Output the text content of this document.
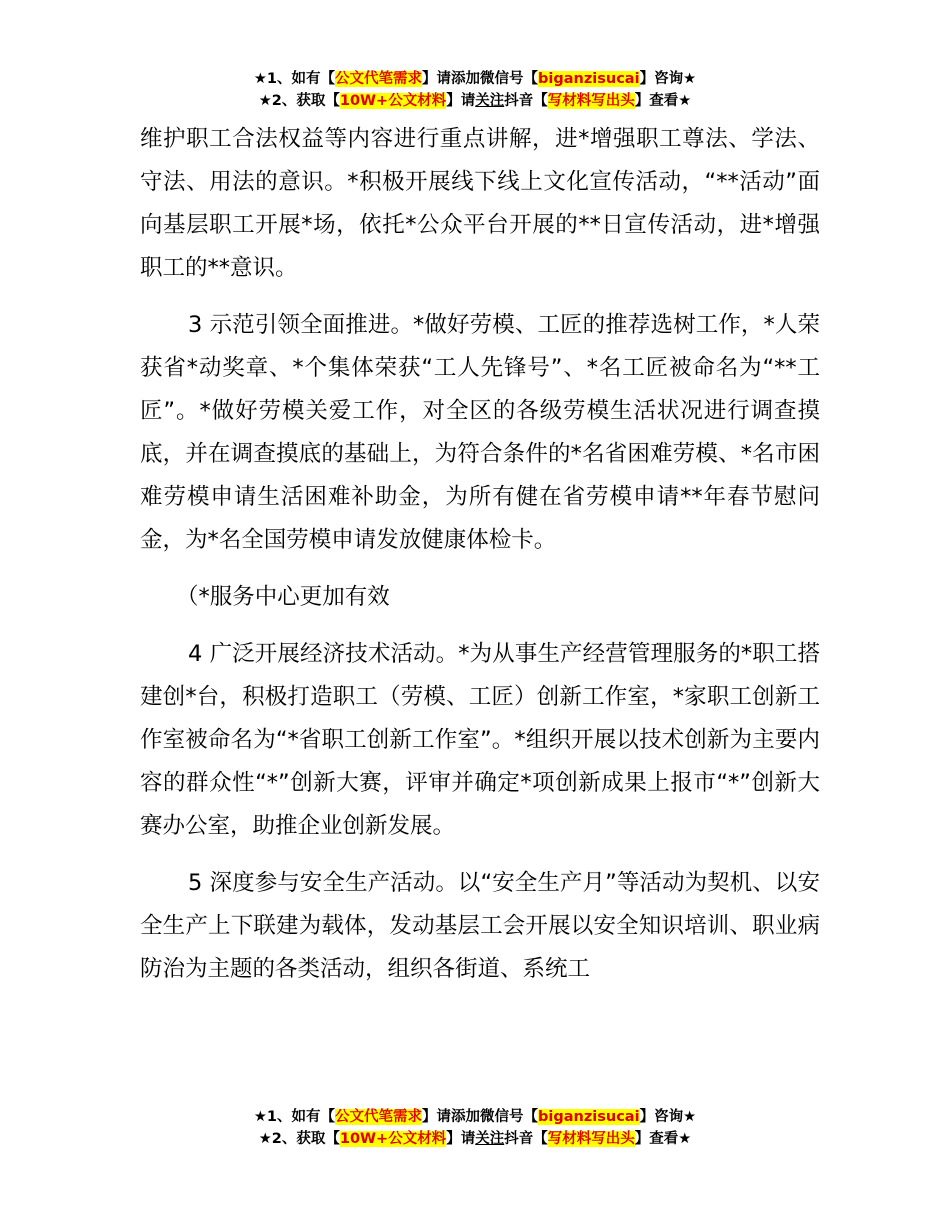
★1、如有【公文代笔需求】请添加微信号【biganzisucai】咨询★
★2、获取【10W+公文材料】请关注抖音【写材料写出头】查看★

维护职工合法权益等内容进行重点讲解，进*增强职工尊法、学法、守法、用法的意识。*积极开展线下线上文化宣传活动，“**活动”面向基层职工开展*场，依托*公众平台开展的**日宣传活动，进*增强职工的**意识。

3 示范引领全面推进。*做好劳模、工匠的推荐选树工作，*人荣获省*动奖章、*个集体荣获“工人先锋号”、*名工匠被命名为“**工匠”。*做好劳模关爱工作，对全区的各级劳模生活状况进行调查摸底，并在调查摸底的基础上，为符合条件的*名省困难劳模、*名市困难劳模申请生活困难补助金，为所有健在省劳模申请**年春节慰问金，为*名全国劳模申请发放健康体检卡。

（*服务中心更加有效

4 广泛开展经济技术活动。*为从事生产经营管理服务的*职工搭建创*台，积极打造职工（劳模、工匠）创新工作室，*家职工创新工作室被命名为“*省职工创新工作室”。*组织开展以技术创新为主要内容的群众性“*”创新大赛，评审并确定*项创新成果上报市“*”创新大赛办公室，助推企业创新发展。

5 深度参与安全生产活动。以“安全生产月”等活动为契机、以安全生产上下联建为载体，发动基层工会开展以安全知识培训、职业病防治为主题的各类活动，组织各街道、系统工

★1、如有【公文代笔需求】请添加微信号【biganzisucai】咨询★
★2、获取【10W+公文材料】请关注抖音【写材料写出头】查看★
